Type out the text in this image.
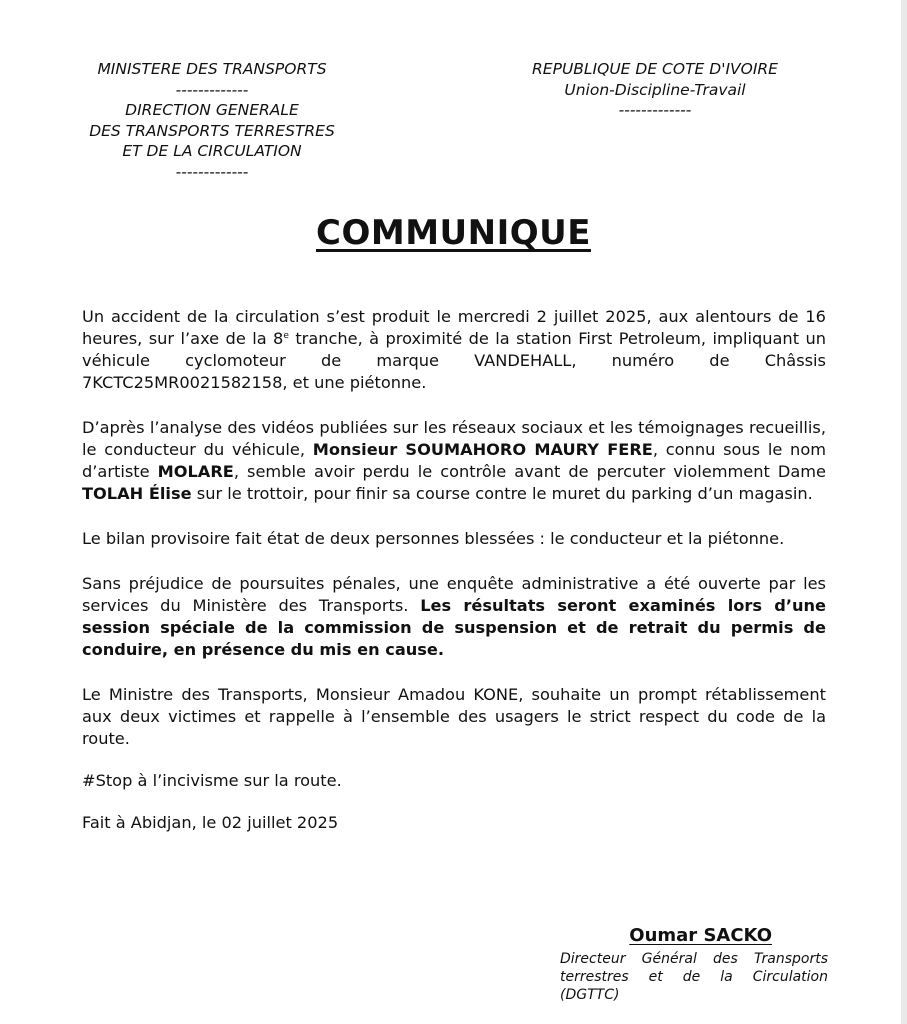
MINISTERE DES TRANSPORTS
-------------
DIRECTION GENERALE
DES TRANSPORTS TERRESTRES
ET DE LA CIRCULATION
-------------
REPUBLIQUE DE COTE D'IVOIRE
Union-Discipline-Travail
-------------
COMMUNIQUE

Un accident de la circulation s’est produit le mercredi 2 juillet 2025, aux alentours de 16 heures, sur l’axe de la 8e tranche, à proximité de la station First Petroleum, impliquant un véhicule cyclomoteur de marque VANDEHALL, numéro de Châssis 7KCTC25MR0021582158, et une piétonne.

D’après l’analyse des vidéos publiées sur les réseaux sociaux et les témoignages recueillis, le conducteur du véhicule, Monsieur SOUMAHORO MAURY FERE, connu sous le nom d’artiste MOLARE, semble avoir perdu le contrôle avant de percuter violemment Dame TOLAH Élise sur le trottoir, pour finir sa course contre le muret du parking d’un magasin.

Le bilan provisoire fait état de deux personnes blessées : le conducteur et la piétonne.

Sans préjudice de poursuites pénales, une enquête administrative a été ouverte par les services du Ministère des Transports. Les résultats seront examinés lors d’une session spéciale de la commission de suspension et de retrait du permis de conduire, en présence du mis en cause.

Le Ministre des Transports, Monsieur Amadou KONE, souhaite un prompt rétablissement aux deux victimes et rappelle à l’ensemble des usagers le strict respect du code de la route.

#Stop à l’incivisme sur la route.

Fait à Abidjan, le 02 juillet 2025

Oumar SACKO
Directeur Général des Transports terrestres et de la Circulation (DGTTC)
